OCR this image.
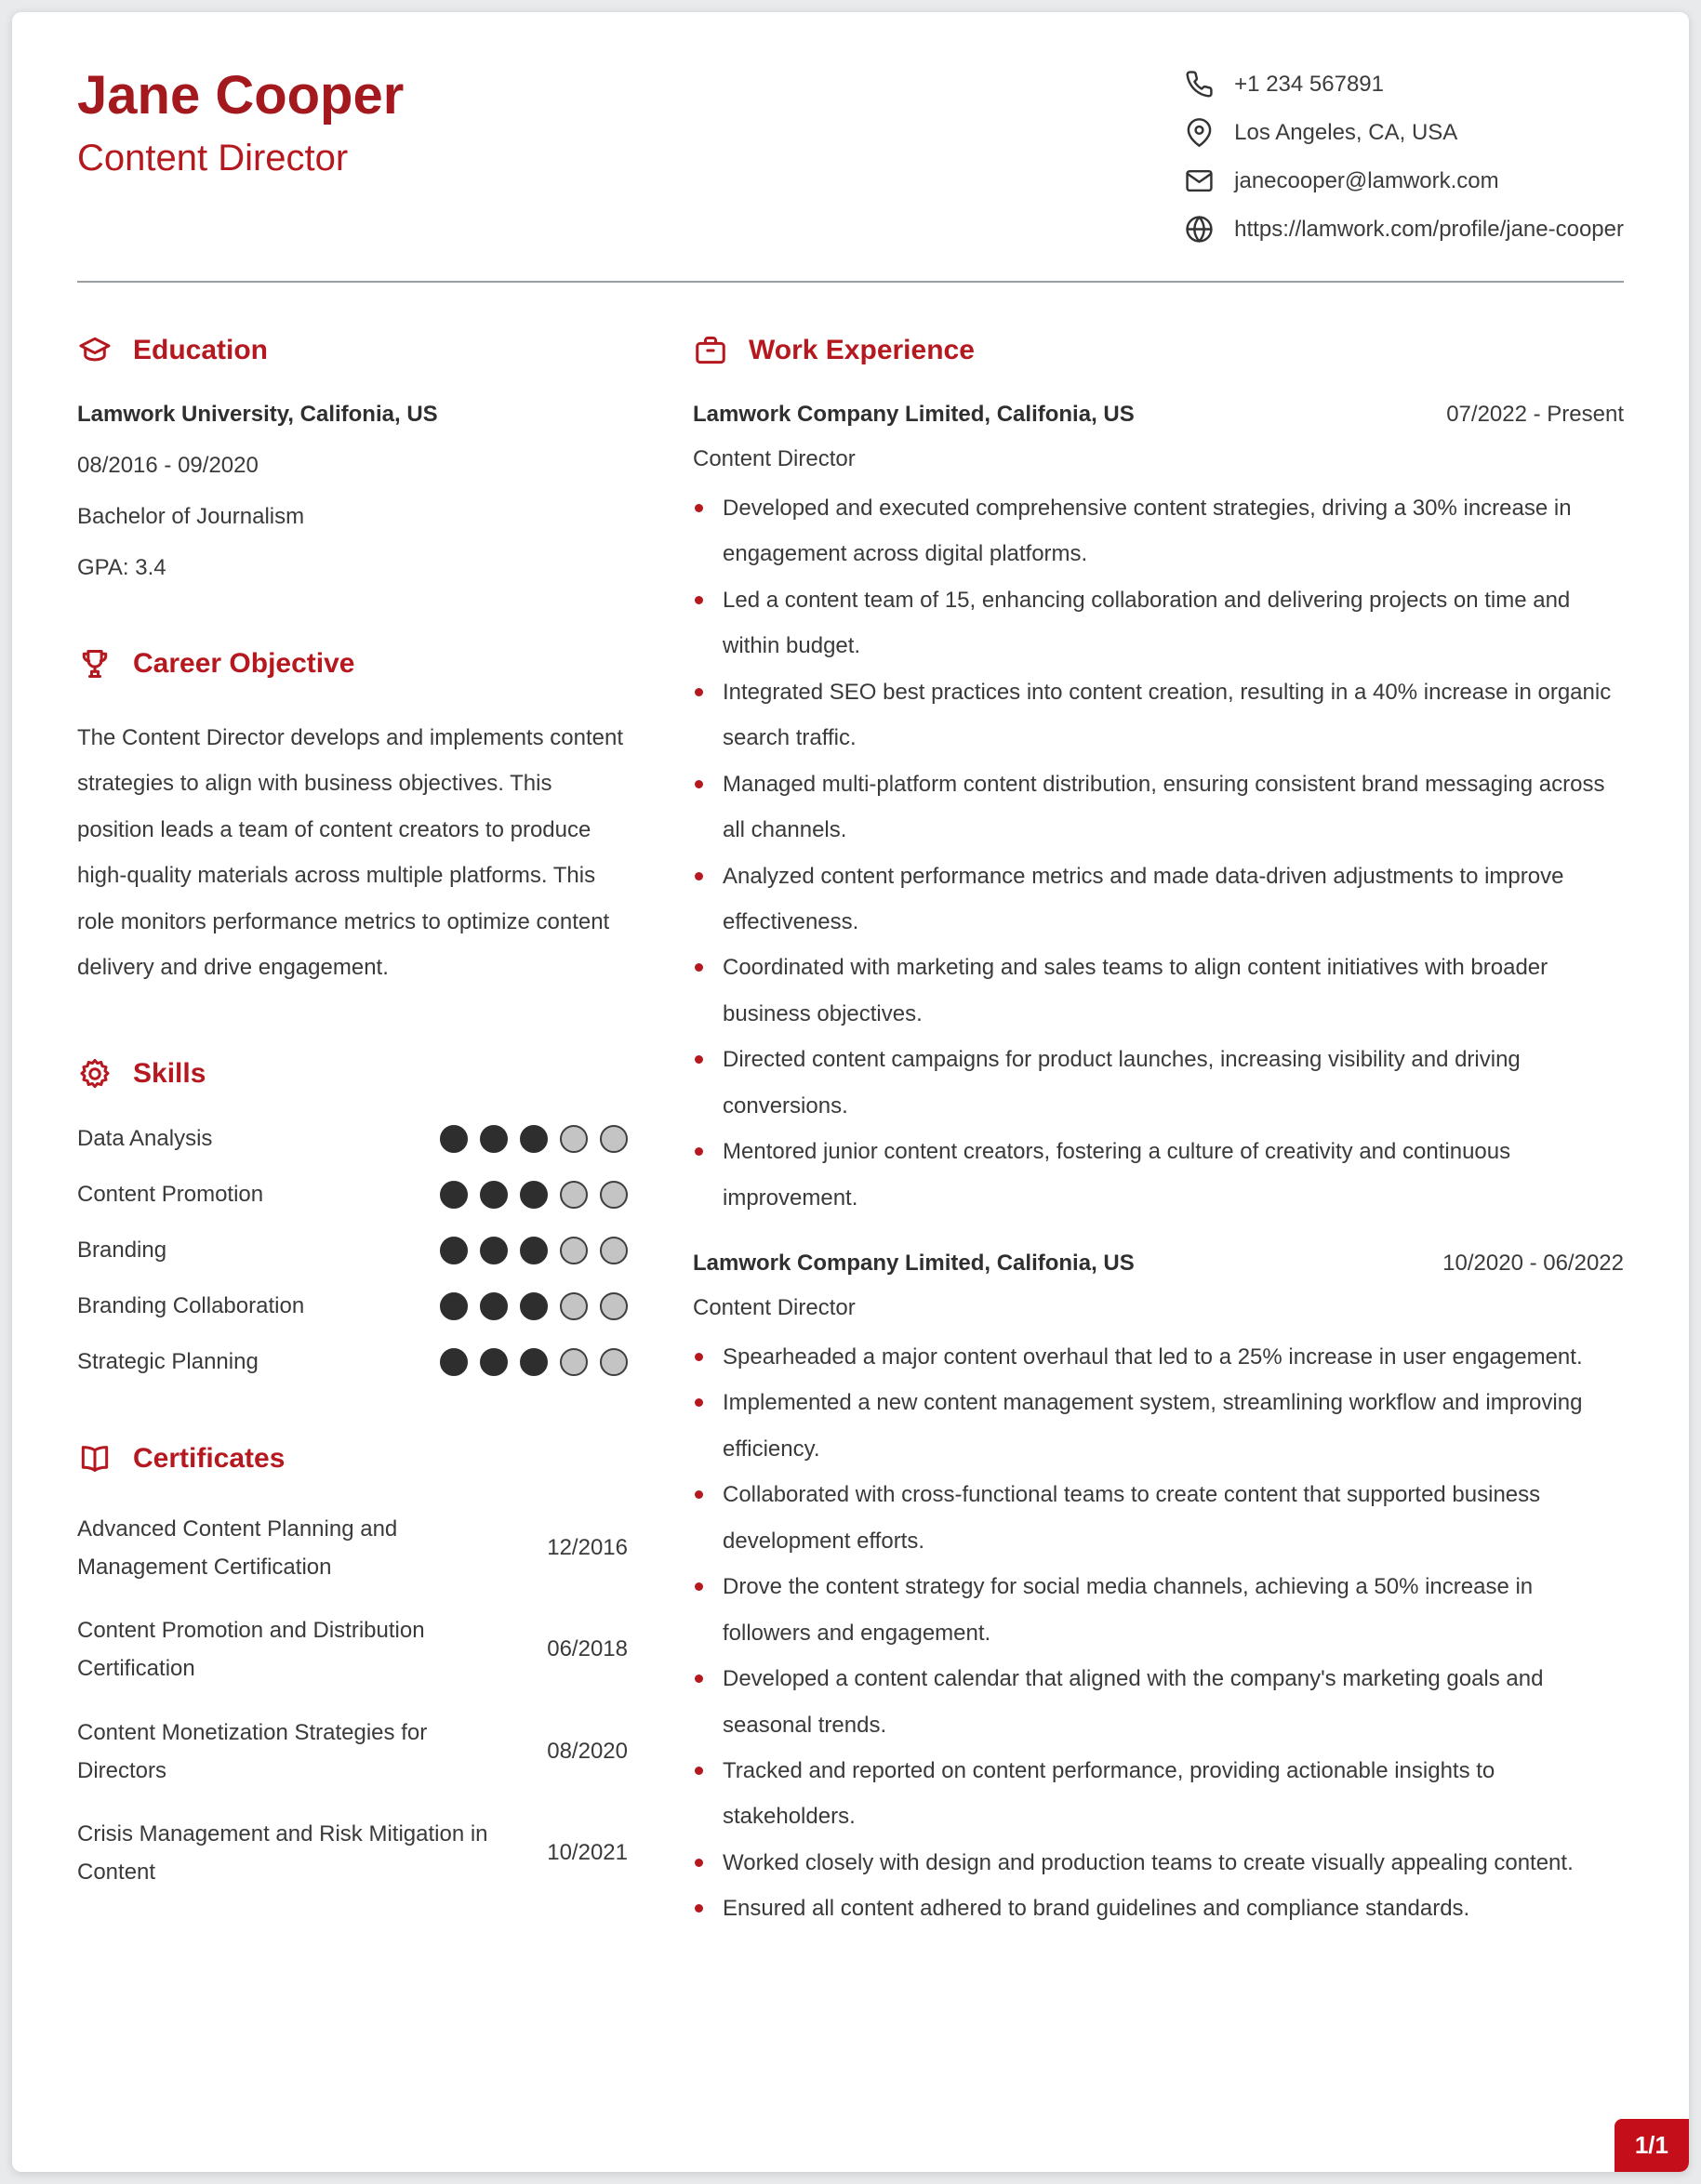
Jane Cooper
Content Director
+1 234 567891
Los Angeles, CA, USA
janecooper@lamwork.com
https://lamwork.com/profile/jane-cooper
Education
Lamwork University, Califonia, US
08/2016 - 09/2020
Bachelor of Journalism
GPA: 3.4
Career Objective

The Content Director develops and implements content strategies to align with business objectives. This position leads a team of content creators to produce high-quality materials across multiple platforms. This role monitors performance metrics to optimize content delivery and drive engagement.

Skills
Data Analysis
Content Promotion
Branding
Branding Collaboration
Strategic Planning
Certificates
Advanced Content Planning and Management Certification
12/2016
Content Promotion and Distribution Certification
06/2018
Content Monetization Strategies for Directors
08/2020
Crisis Management and Risk Mitigation in Content
10/2021
Work Experience
Lamwork Company Limited, Califonia, US	07/2022 - Present
Content Director
Developed and executed comprehensive content strategies, driving a 30% increase in engagement across digital platforms.
Led a content team of 15, enhancing collaboration and delivering projects on time and within budget.
Integrated SEO best practices into content creation, resulting in a 40% increase in organic search traffic.
Managed multi-platform content distribution, ensuring consistent brand messaging across all channels.
Analyzed content performance metrics and made data-driven adjustments to improve effectiveness.
Coordinated with marketing and sales teams to align content initiatives with broader business objectives.
Directed content campaigns for product launches, increasing visibility and driving conversions.
Mentored junior content creators, fostering a culture of creativity and continuous improvement.
Lamwork Company Limited, Califonia, US	10/2020 - 06/2022
Content Director
Spearheaded a major content overhaul that led to a 25% increase in user engagement.
Implemented a new content management system, streamlining workflow and improving efficiency.
Collaborated with cross-functional teams to create content that supported business development efforts.
Drove the content strategy for social media channels, achieving a 50% increase in followers and engagement.
Developed a content calendar that aligned with the company's marketing goals and seasonal trends.
Tracked and reported on content performance, providing actionable insights to stakeholders.
Worked closely with design and production teams to create visually appealing content.
Ensured all content adhered to brand guidelines and compliance standards.
1/1
